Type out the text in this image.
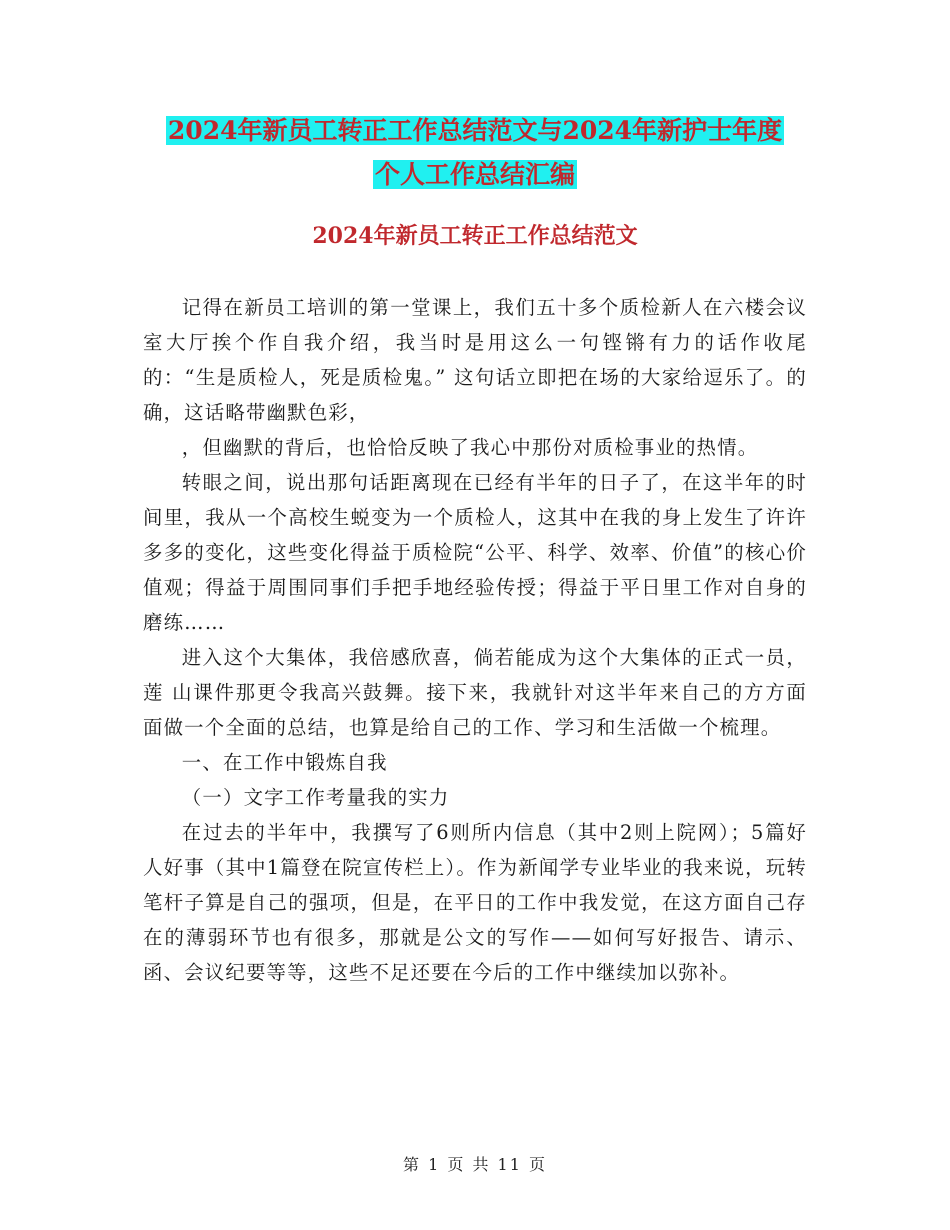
2024年新员工转正工作总结范文与2024年新护士年度
个人工作总结汇编
2024年新员工转正工作总结范文

记得在新员工培训的第一堂课上，我们五十多个质检新人在六楼会议室大厅挨个作自我介绍，我当时是用这么一句铿锵有力的话作收尾的：“生是质检人，死是质检鬼。” 这句话立即把在场的大家给逗乐了。的确，这话略带幽默色彩，

，但幽默的背后，也恰恰反映了我心中那份对质检事业的热情。

转眼之间，说出那句话距离现在已经有半年的日子了，在这半年的时间里，我从一个高校生蜕变为一个质检人，这其中在我的身上发生了许许多多的变化，这些变化得益于质检院“公平、科学、效率、价值”的核心价值观；得益于周围同事们手把手地经验传授；得益于平日里工作对自身的磨练……

进入这个大集体，我倍感欣喜，倘若能成为这个大集体的正式一员，莲 山课件那更令我高兴鼓舞。接下来，我就针对这半年来自己的方方面面做一个全面的总结，也算是给自己的工作、学习和生活做一个梳理。

一、在工作中锻炼自我

（一）文字工作考量我的实力

在过去的半年中，我撰写了6则所内信息（其中2则上院网）；5篇好人好事（其中1篇登在院宣传栏上）。作为新闻学专业毕业的我来说，玩转笔杆子算是自己的强项，但是，在平日的工作中我发觉，在这方面自己存在的薄弱环节也有很多，那就是公文的写作——如何写好报告、请示、函、会议纪要等等，这些不足还要在今后的工作中继续加以弥补。

第 1 页 共 11 页
